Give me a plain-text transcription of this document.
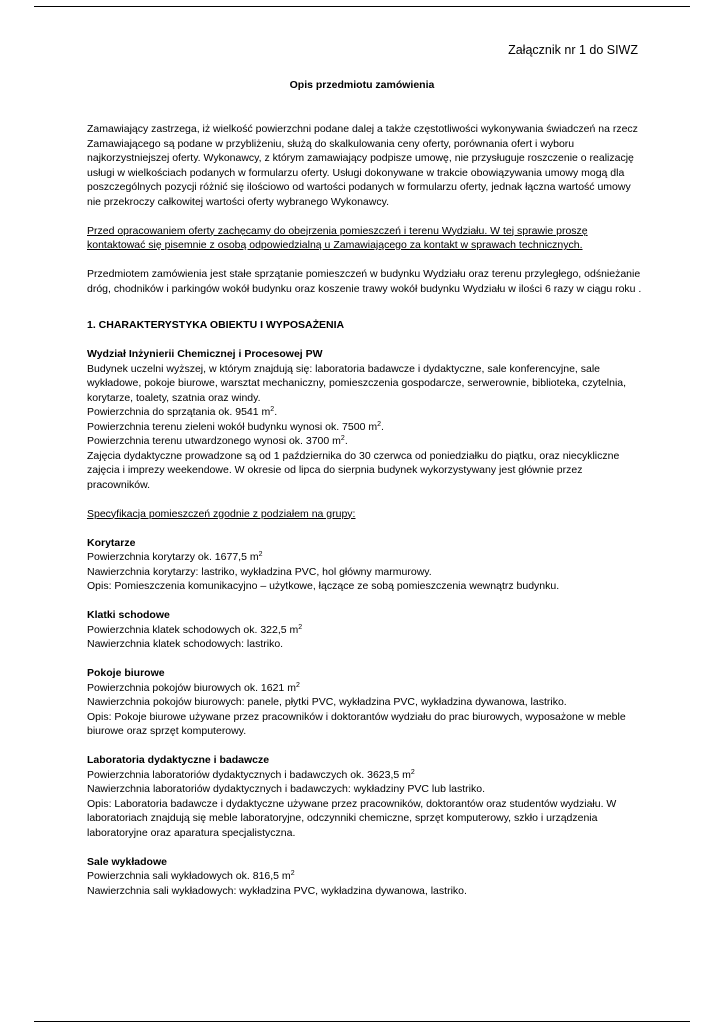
Załącznik nr 1 do SIWZ
Opis przedmiotu zamówienia

Zamawiający zastrzega, iż wielkość powierzchni podane dalej a także częstotliwości wykonywania świadczeń na rzecz Zamawiającego są podane w przybliżeniu, służą do skalkulowania ceny oferty, porównania ofert i wyboru najkorzystniejszej oferty. Wykonawcy, z którym zamawiający podpisze umowę, nie przysługuje roszczenie o realizację usługi w wielkościach podanych w formularzu oferty. Usługi dokonywane w trakcie obowiązywania umowy mogą dla poszczególnych pozycji różnić się ilościowo od wartości podanych w formularzu oferty, jednak łączna wartość umowy nie przekroczy całkowitej wartości oferty wybranego Wykonawcy.

Przed opracowaniem oferty zachęcamy do obejrzenia pomieszczeń i terenu Wydziału. W tej sprawie proszę kontaktować się pisemnie z osobą odpowiedzialną u Zamawiającego za kontakt w sprawach technicznych.

Przedmiotem zamówienia jest stałe sprzątanie pomieszczeń w budynku Wydziału oraz terenu przyległego, odśnieżanie dróg, chodników i parkingów wokół budynku oraz koszenie trawy wokół budynku Wydziału w ilości 6 razy w ciągu roku .

1. CHARAKTERYSTYKA OBIEKTU I WYPOSAŻENIA
Wydział Inżynierii Chemicznej i Procesowej PW
Budynek uczelni wyższej, w którym znajdują się: laboratoria badawcze i dydaktyczne, sale konferencyjne, sale wykładowe, pokoje biurowe, warsztat mechaniczny, pomieszczenia gospodarcze, serwerownie, biblioteka, czytelnia, korytarze, toalety, szatnia oraz windy.
Powierzchnia do sprzątania ok. 9541 $m^2$.
Powierzchnia terenu zieleni wokół budynku wynosi ok. 7500 $m^2$.
Powierzchnia terenu utwardzonego wynosi ok. 3700 $m^2$.
Zajęcia dydaktyczne prowadzone są od 1 października do 30 czerwca od poniedziałku do piątku, oraz niecykliczne zajęcia i imprezy weekendowe. W okresie od lipca do sierpnia budynek wykorzystywany jest głównie przez pracowników.

Specyfikacja pomieszczeń zgodnie z podziałem na grupy:

Korytarze
Powierzchnia korytarzy ok. 1677,5 $m^2$
Nawierzchnia korytarzy: lastriko, wykładzina PVC, hol główny marmurowy.
Opis: Pomieszczenia komunikacyjno – użytkowe, łączące ze sobą pomieszczenia wewnątrz budynku.
Klatki schodowe
Powierzchnia klatek schodowych ok. 322,5 $m^2$
Nawierzchnia klatek schodowych: lastriko.
Pokoje biurowe
Powierzchnia pokojów biurowych ok. 1621 $m^2$
Nawierzchnia pokojów biurowych: panele, płytki PVC, wykładzina PVC, wykładzina dywanowa, lastriko.
Opis: Pokoje biurowe używane przez pracowników i doktorantów wydziału do prac biurowych, wyposażone w meble biurowe oraz sprzęt komputerowy.
Laboratoria dydaktyczne i badawcze
Powierzchnia laboratoriów dydaktycznych i badawczych ok. 3623,5 $m^2$
Nawierzchnia laboratoriów dydaktycznych i badawczych: wykładziny PVC lub lastriko.
Opis: Laboratoria badawcze i dydaktyczne używane przez pracowników, doktorantów oraz studentów wydziału. W laboratoriach znajdują się meble laboratoryjne, odczynniki chemiczne, sprzęt komputerowy, szkło i urządzenia laboratoryjne oraz aparatura specjalistyczna.
Sale wykładowe
Powierzchnia sali wykładowych ok. 816,5 $m^2$
Nawierzchnia sali wykładowych: wykładzina PVC, wykładzina dywanowa, lastriko.
